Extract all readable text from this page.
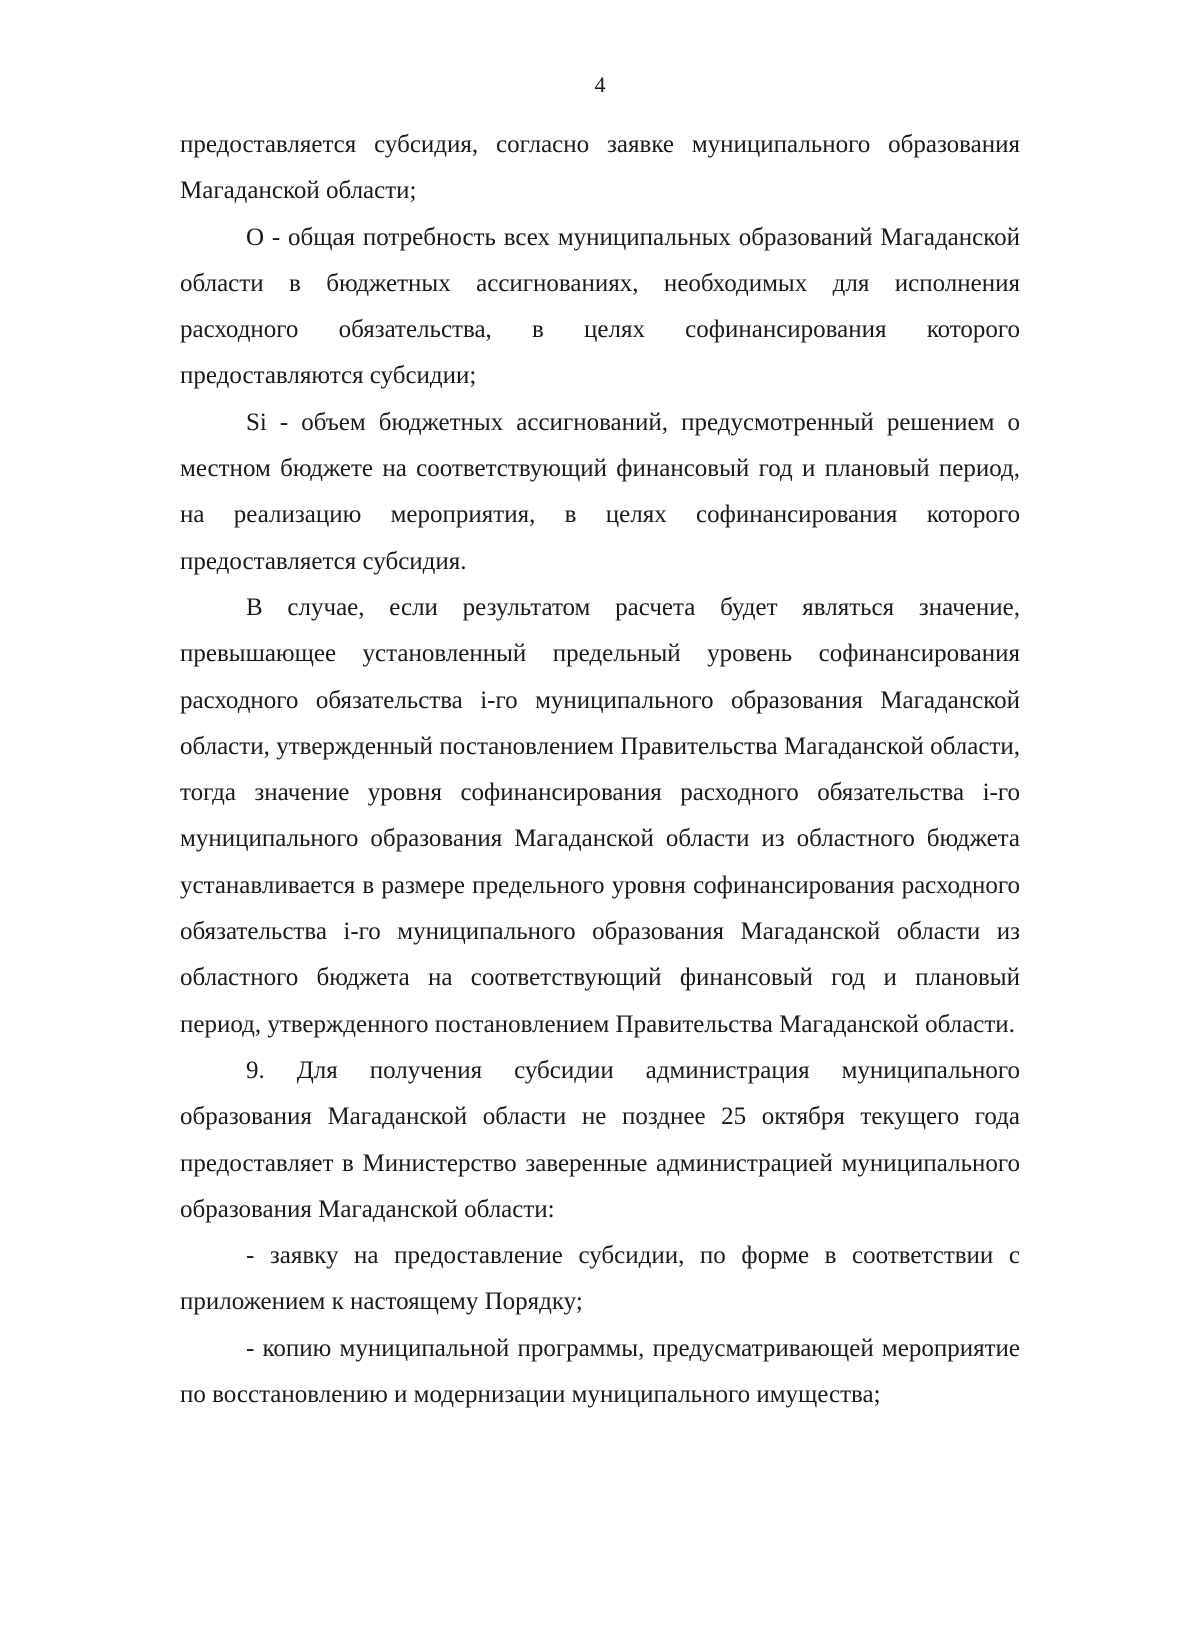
4

предоставляется субсидия, согласно заявке муниципального образования Магаданской области;

О - общая потребность всех муниципальных образований Магаданской области в бюджетных ассигнованиях, необходимых для исполнения расходного обязательства, в целях софинансирования которого предоставляются субсидии;

Si - объем бюджетных ассигнований, предусмотренный решением о местном бюджете на соответствующий финансовый год и плановый период, на реализацию мероприятия, в целях софинансирования которого предоставляется субсидия.

В случае, если результатом расчета будет являться значение, превышающее установленный предельный уровень софинансирования расходного обязательства i-го муниципального образования Магаданской области, утвержденный постановлением Правительства Магаданской области, тогда значение уровня софинансирования расходного обязательства i-го муниципального образования Магаданской области из областного бюджета устанавливается в размере предельного уровня софинансирования расходного обязательства i-го муниципального образования Магаданской области из областного бюджета на соответствующий финансовый год и плановый период, утвержденного постановлением Правительства Магаданской области.

9. Для получения субсидии администрация муниципального образования Магаданской области не позднее 25 октября текущего года предоставляет в Министерство заверенные администрацией муниципального образования Магаданской области:

- заявку на предоставление субсидии, по форме в соответствии с приложением к настоящему Порядку;

- копию муниципальной программы, предусматривающей мероприятие по восстановлению и модернизации муниципального имущества;
